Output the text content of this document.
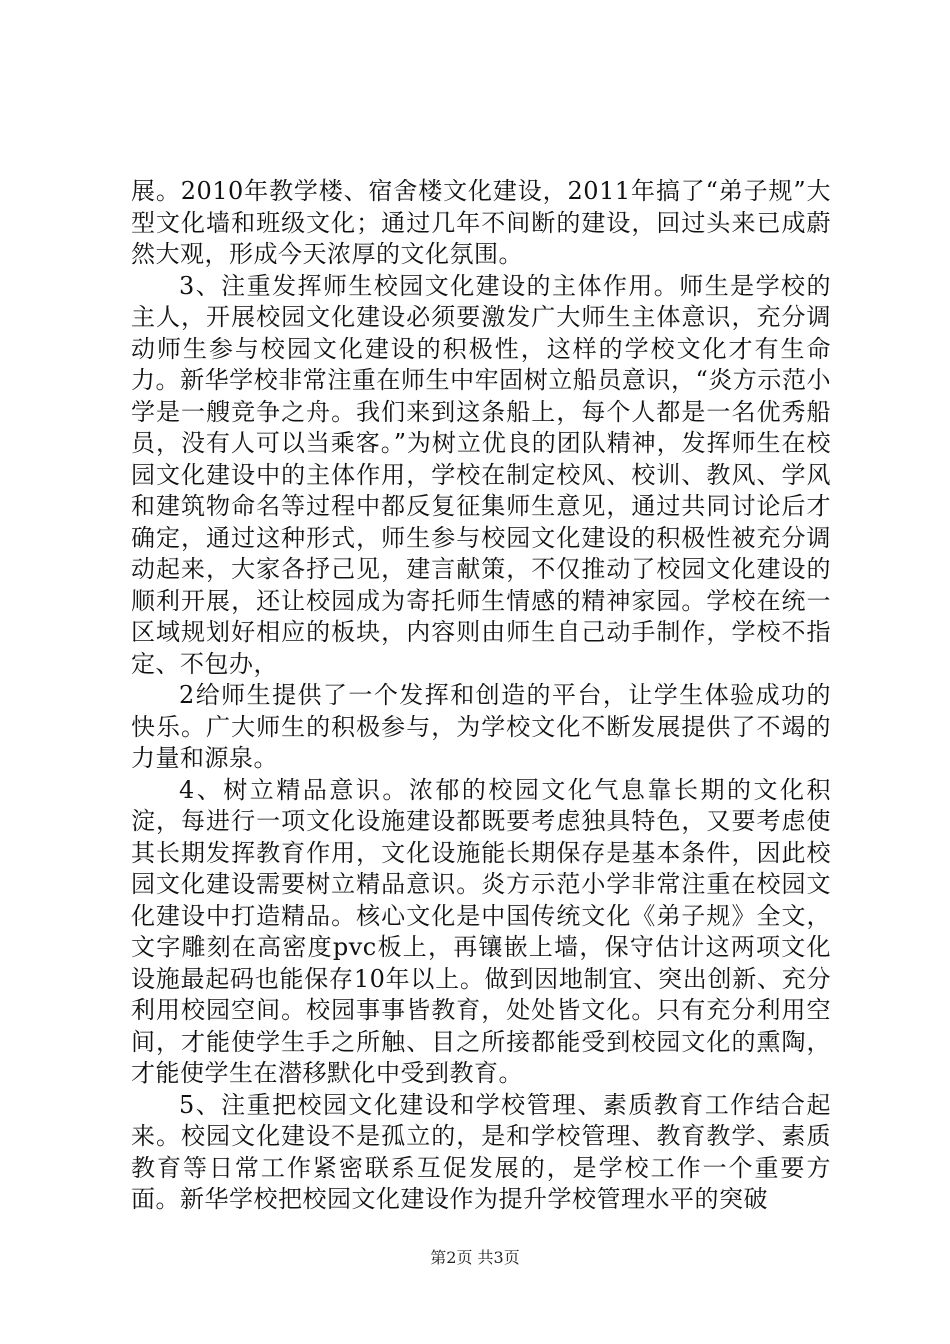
展。2010年教学楼、宿舍楼文化建设，2011年搞了“弟子规”大型文化墙和班级文化；通过几年不间断的建设，回过头来已成蔚然大观，形成今天浓厚的文化氛围。

3、注重发挥师生校园文化建设的主体作用。师生是学校的主人，开展校园文化建设必须要激发广大师生主体意识，充分调动师生参与校园文化建设的积极性，这样的学校文化才有生命力。新华学校非常注重在师生中牢固树立船员意识，“炎方示范小学是一艘竞争之舟。我们来到这条船上，每个人都是一名优秀船员，没有人可以当乘客。”为树立优良的团队精神，发挥师生在校园文化建设中的主体作用，学校在制定校风、校训、教风、学风和建筑物命名等过程中都反复征集师生意见，通过共同讨论后才确定，通过这种形式，师生参与校园文化建设的积极性被充分调动起来，大家各抒己见，建言献策，不仅推动了校园文化建设的顺利开展，还让校园成为寄托师生情感的精神家园。学校在统一区域规划好相应的板块，内容则由师生自己动手制作，学校不指定、不包办，

2给师生提供了一个发挥和创造的平台，让学生体验成功的快乐。广大师生的积极参与，为学校文化不断发展提供了不竭的力量和源泉。

4、树立精品意识。浓郁的校园文化气息靠长期的文化积淀，每进行一项文化设施建设都既要考虑独具特色，又要考虑使其长期发挥教育作用，文化设施能长期保存是基本条件，因此校园文化建设需要树立精品意识。炎方示范小学非常注重在校园文化建设中打造精品。核心文化是中国传统文化《弟子规》全文，文字雕刻在高密度pvc板上，再镶嵌上墙，保守估计这两项文化设施最起码也能保存10年以上。做到因地制宜、突出创新、充分利用校园空间。校园事事皆教育，处处皆文化。只有充分利用空间，才能使学生手之所触、目之所接都能受到校园文化的熏陶，才能使学生在潜移默化中受到教育。

5、注重把校园文化建设和学校管理、素质教育工作结合起来。校园文化建设不是孤立的，是和学校管理、教育教学、素质教育等日常工作紧密联系互促发展的，是学校工作一个重要方面。新华学校把校园文化建设作为提升学校管理水平的突破

第2页 共3页
